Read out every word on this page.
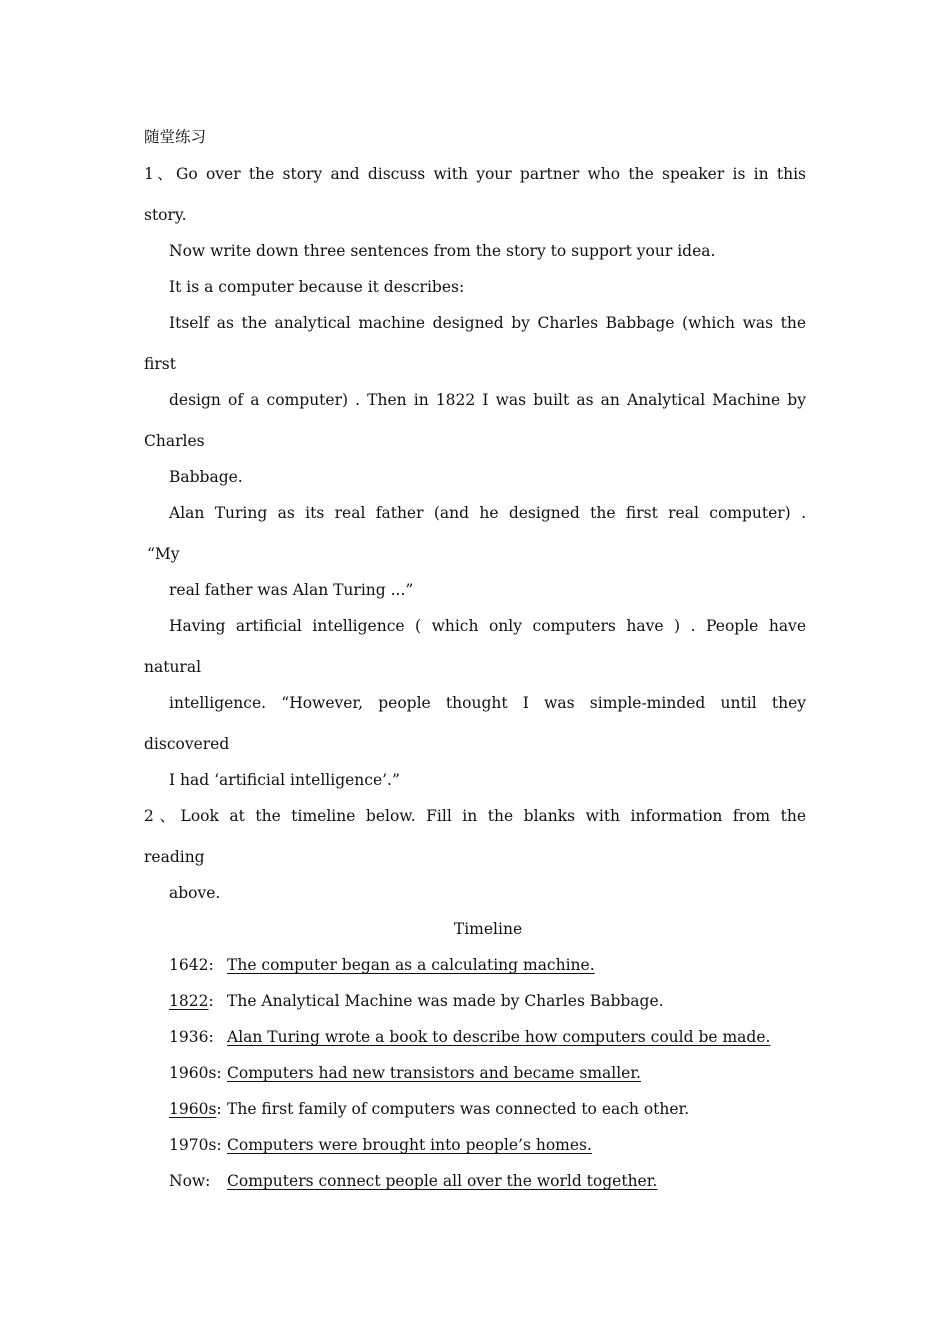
随堂练习
1、Go over the story and discuss with your partner who the speaker is in this
story.
Now write down three sentences from the story to support your idea.
It is a computer because it describes:
Itself as the analytical machine designed by Charles Babbage (which was the
first
design of a computer) . Then in 1822 I was built as an Analytical Machine by
Charles
Babbage.
Alan Turing as its real father (and he designed the first real computer) .
“My
real father was Alan Turing ...”
Having artificial intelligence ( which only computers have ) . People have
natural
intelligence. “However, people thought I was simple-minded until they
discovered
I had ‘artificial intelligence’.”
2、Look at the timeline below. Fill in the blanks with information from the
reading
above.
Timeline
1642: The computer began as a calculating machine.
1822: The Analytical Machine was made by Charles Babbage.
1936: Alan Turing wrote a book to describe how computers could be made.
1960s: Computers had new transistors and became smaller.
1960s: The first family of computers was connected to each other.
1970s: Computers were brought into people’s homes.
Now: Computers connect people all over the world together.
